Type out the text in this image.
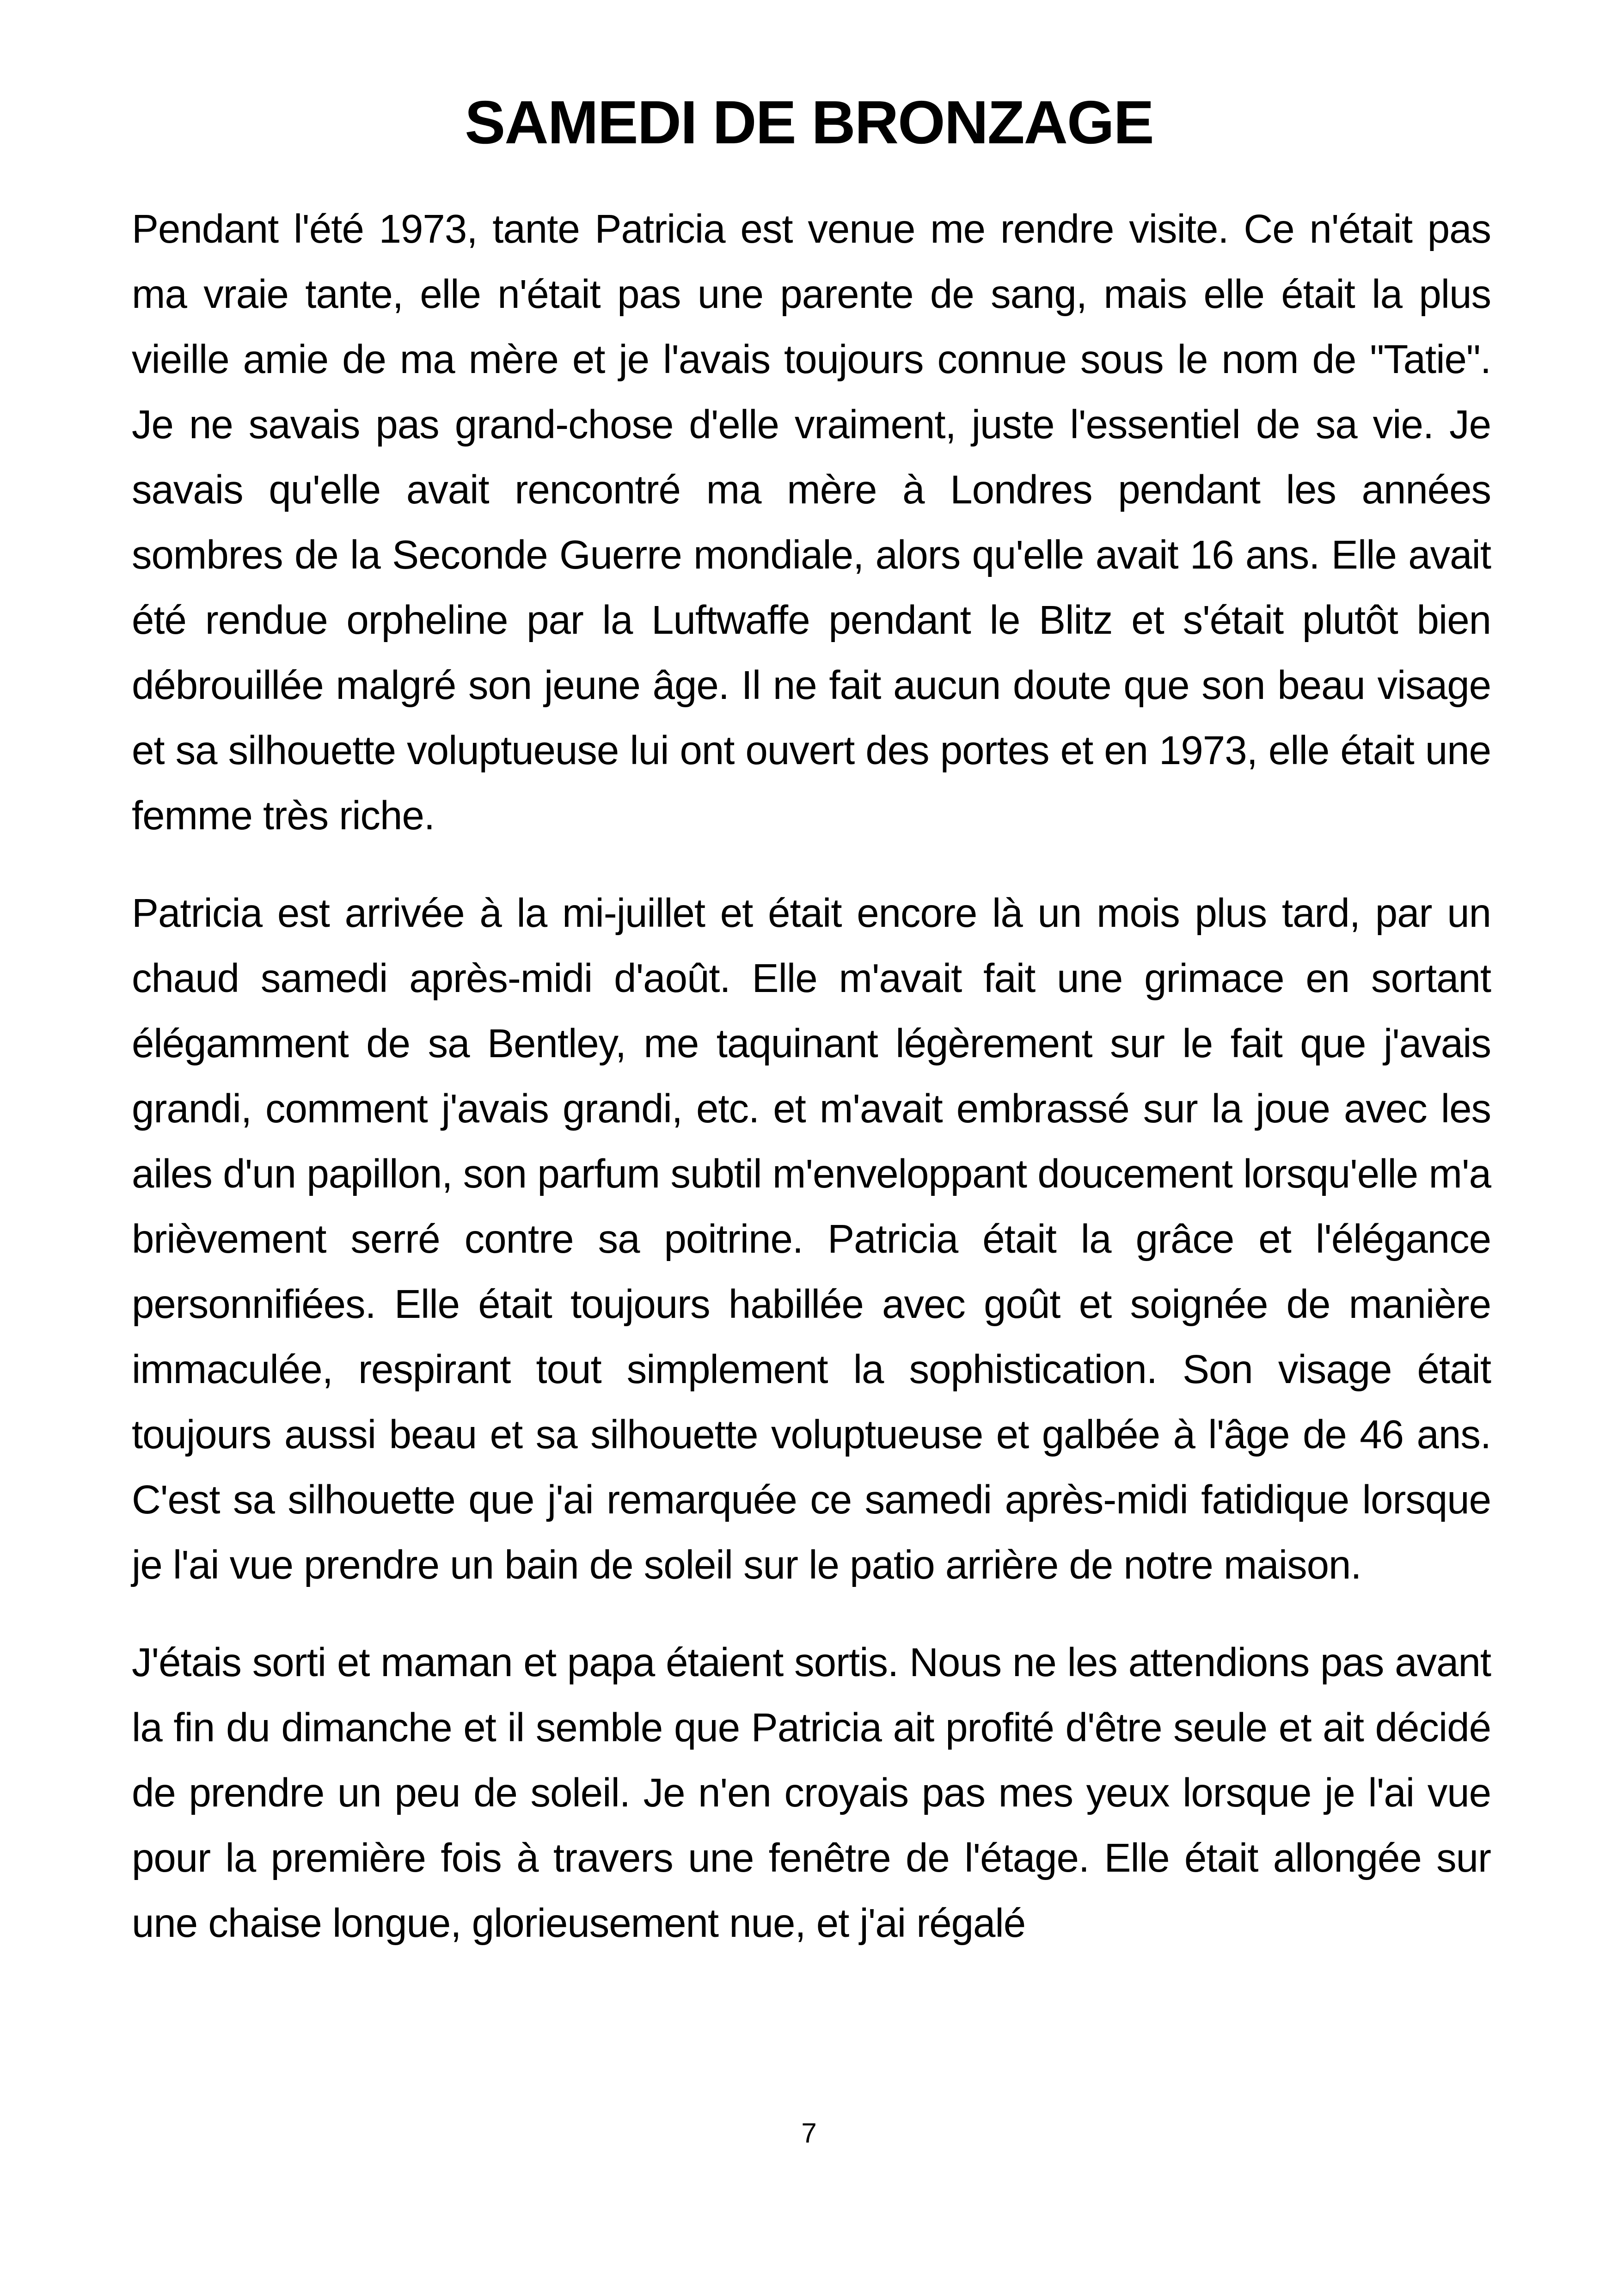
SAMEDI DE BRONZAGE

Pendant l'été 1973, tante Patricia est venue me rendre visite. Ce n'était pas ma vraie tante, elle n'était pas une parente de sang, mais elle était la plus vieille amie de ma mère et je l'avais toujours connue sous le nom de "Tatie". Je ne savais pas grand-chose d'elle vraiment, juste l'essentiel de sa vie. Je savais qu'elle avait rencontré ma mère à Londres pendant les années sombres de la Seconde Guerre mondiale, alors qu'elle avait 16 ans. Elle avait été rendue orpheline par la Luftwaffe pendant le Blitz et s'était plutôt bien débrouillée malgré son jeune âge. Il ne fait aucun doute que son beau visage et sa silhouette voluptueuse lui ont ouvert des portes et en 1973, elle était une femme très riche.

Patricia est arrivée à la mi-juillet et était encore là un mois plus tard, par un chaud samedi après-midi d'août. Elle m'avait fait une grimace en sortant élégamment de sa Bentley, me taquinant légèrement sur le fait que j'avais grandi, comment j'avais grandi, etc. et m'avait embrassé sur la joue avec les ailes d'un papillon, son parfum subtil m'enveloppant doucement lorsqu'elle m'a brièvement serré contre sa poitrine. Patricia était la grâce et l'élégance personnifiées. Elle était toujours habillée avec goût et soignée de manière immaculée, respirant tout simplement la sophistication. Son visage était toujours aussi beau et sa silhouette voluptueuse et galbée à l'âge de 46 ans. C'est sa silhouette que j'ai remarquée ce samedi après-midi fatidique lorsque je l'ai vue prendre un bain de soleil sur le patio arrière de notre maison.

J'étais sorti et maman et papa étaient sortis. Nous ne les attendions pas avant la fin du dimanche et il semble que Patricia ait profité d'être seule et ait décidé de prendre un peu de soleil. Je n'en croyais pas mes yeux lorsque je l'ai vue pour la première fois à travers une fenêtre de l'étage. Elle était allongée sur une chaise longue, glorieusement nue, et j'ai régalé

7
